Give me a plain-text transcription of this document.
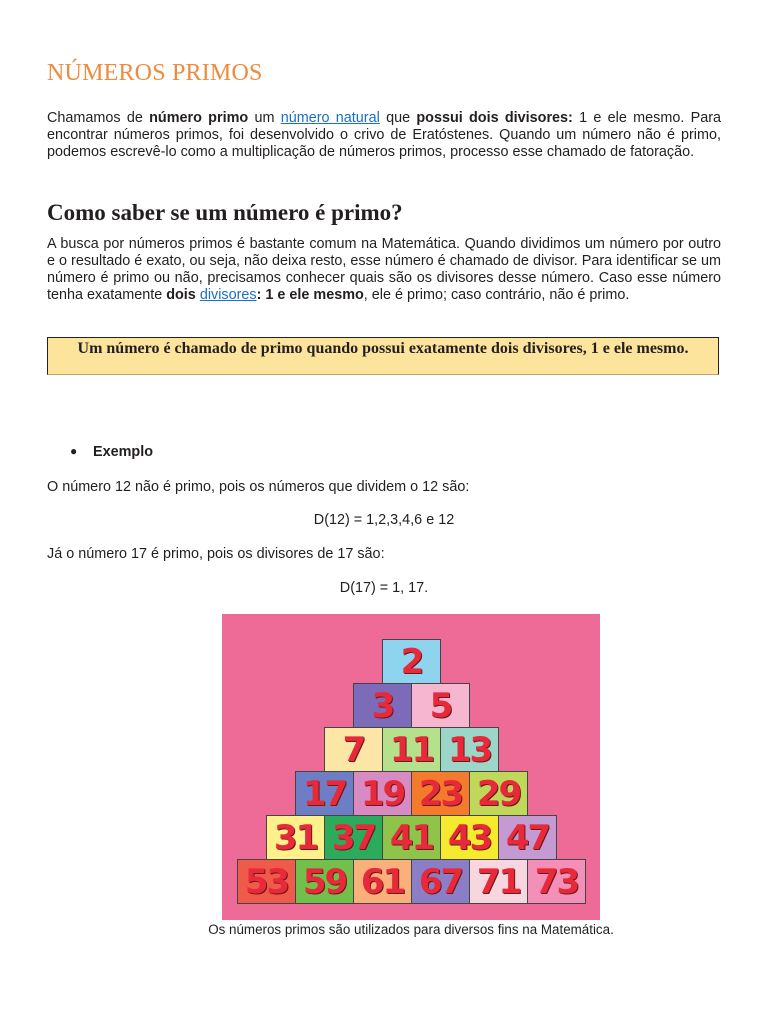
NÚMEROS PRIMOS
Chamamos de número primo um número natural que possui dois divisores: 1 e ele mesmo. Para encontrar números primos, foi desenvolvido o crivo de Eratóstenes. Quando um número não é primo, podemos escrevê-lo como a multiplicação de números primos, processo esse chamado de fatoração.
Como saber se um número é primo?
A busca por números primos é bastante comum na Matemática. Quando dividimos um número por outro e o resultado é exato, ou seja, não deixa resto, esse número é chamado de divisor. Para identificar se um número é primo ou não, precisamos conhecer quais são os divisores desse número. Caso esse número tenha exatamente dois divisores: 1 e ele mesmo, ele é primo; caso contrário, não é primo.
Um número é chamado de primo quando possui exatamente dois divisores, 1 e ele mesmo.
● Exemplo
O número 12 não é primo, pois os números que dividem o 12 são:
D(12) = 1,2,3,4,6 e 12
Já o número 17 é primo, pois os divisores de 17 são:
D(17) = 1, 17.
2
3	5
7 11 13
17 19 23 29
31 37 41 43 47
53 59 61 67 71 73
Os números primos são utilizados para diversos fins na Matemática.
